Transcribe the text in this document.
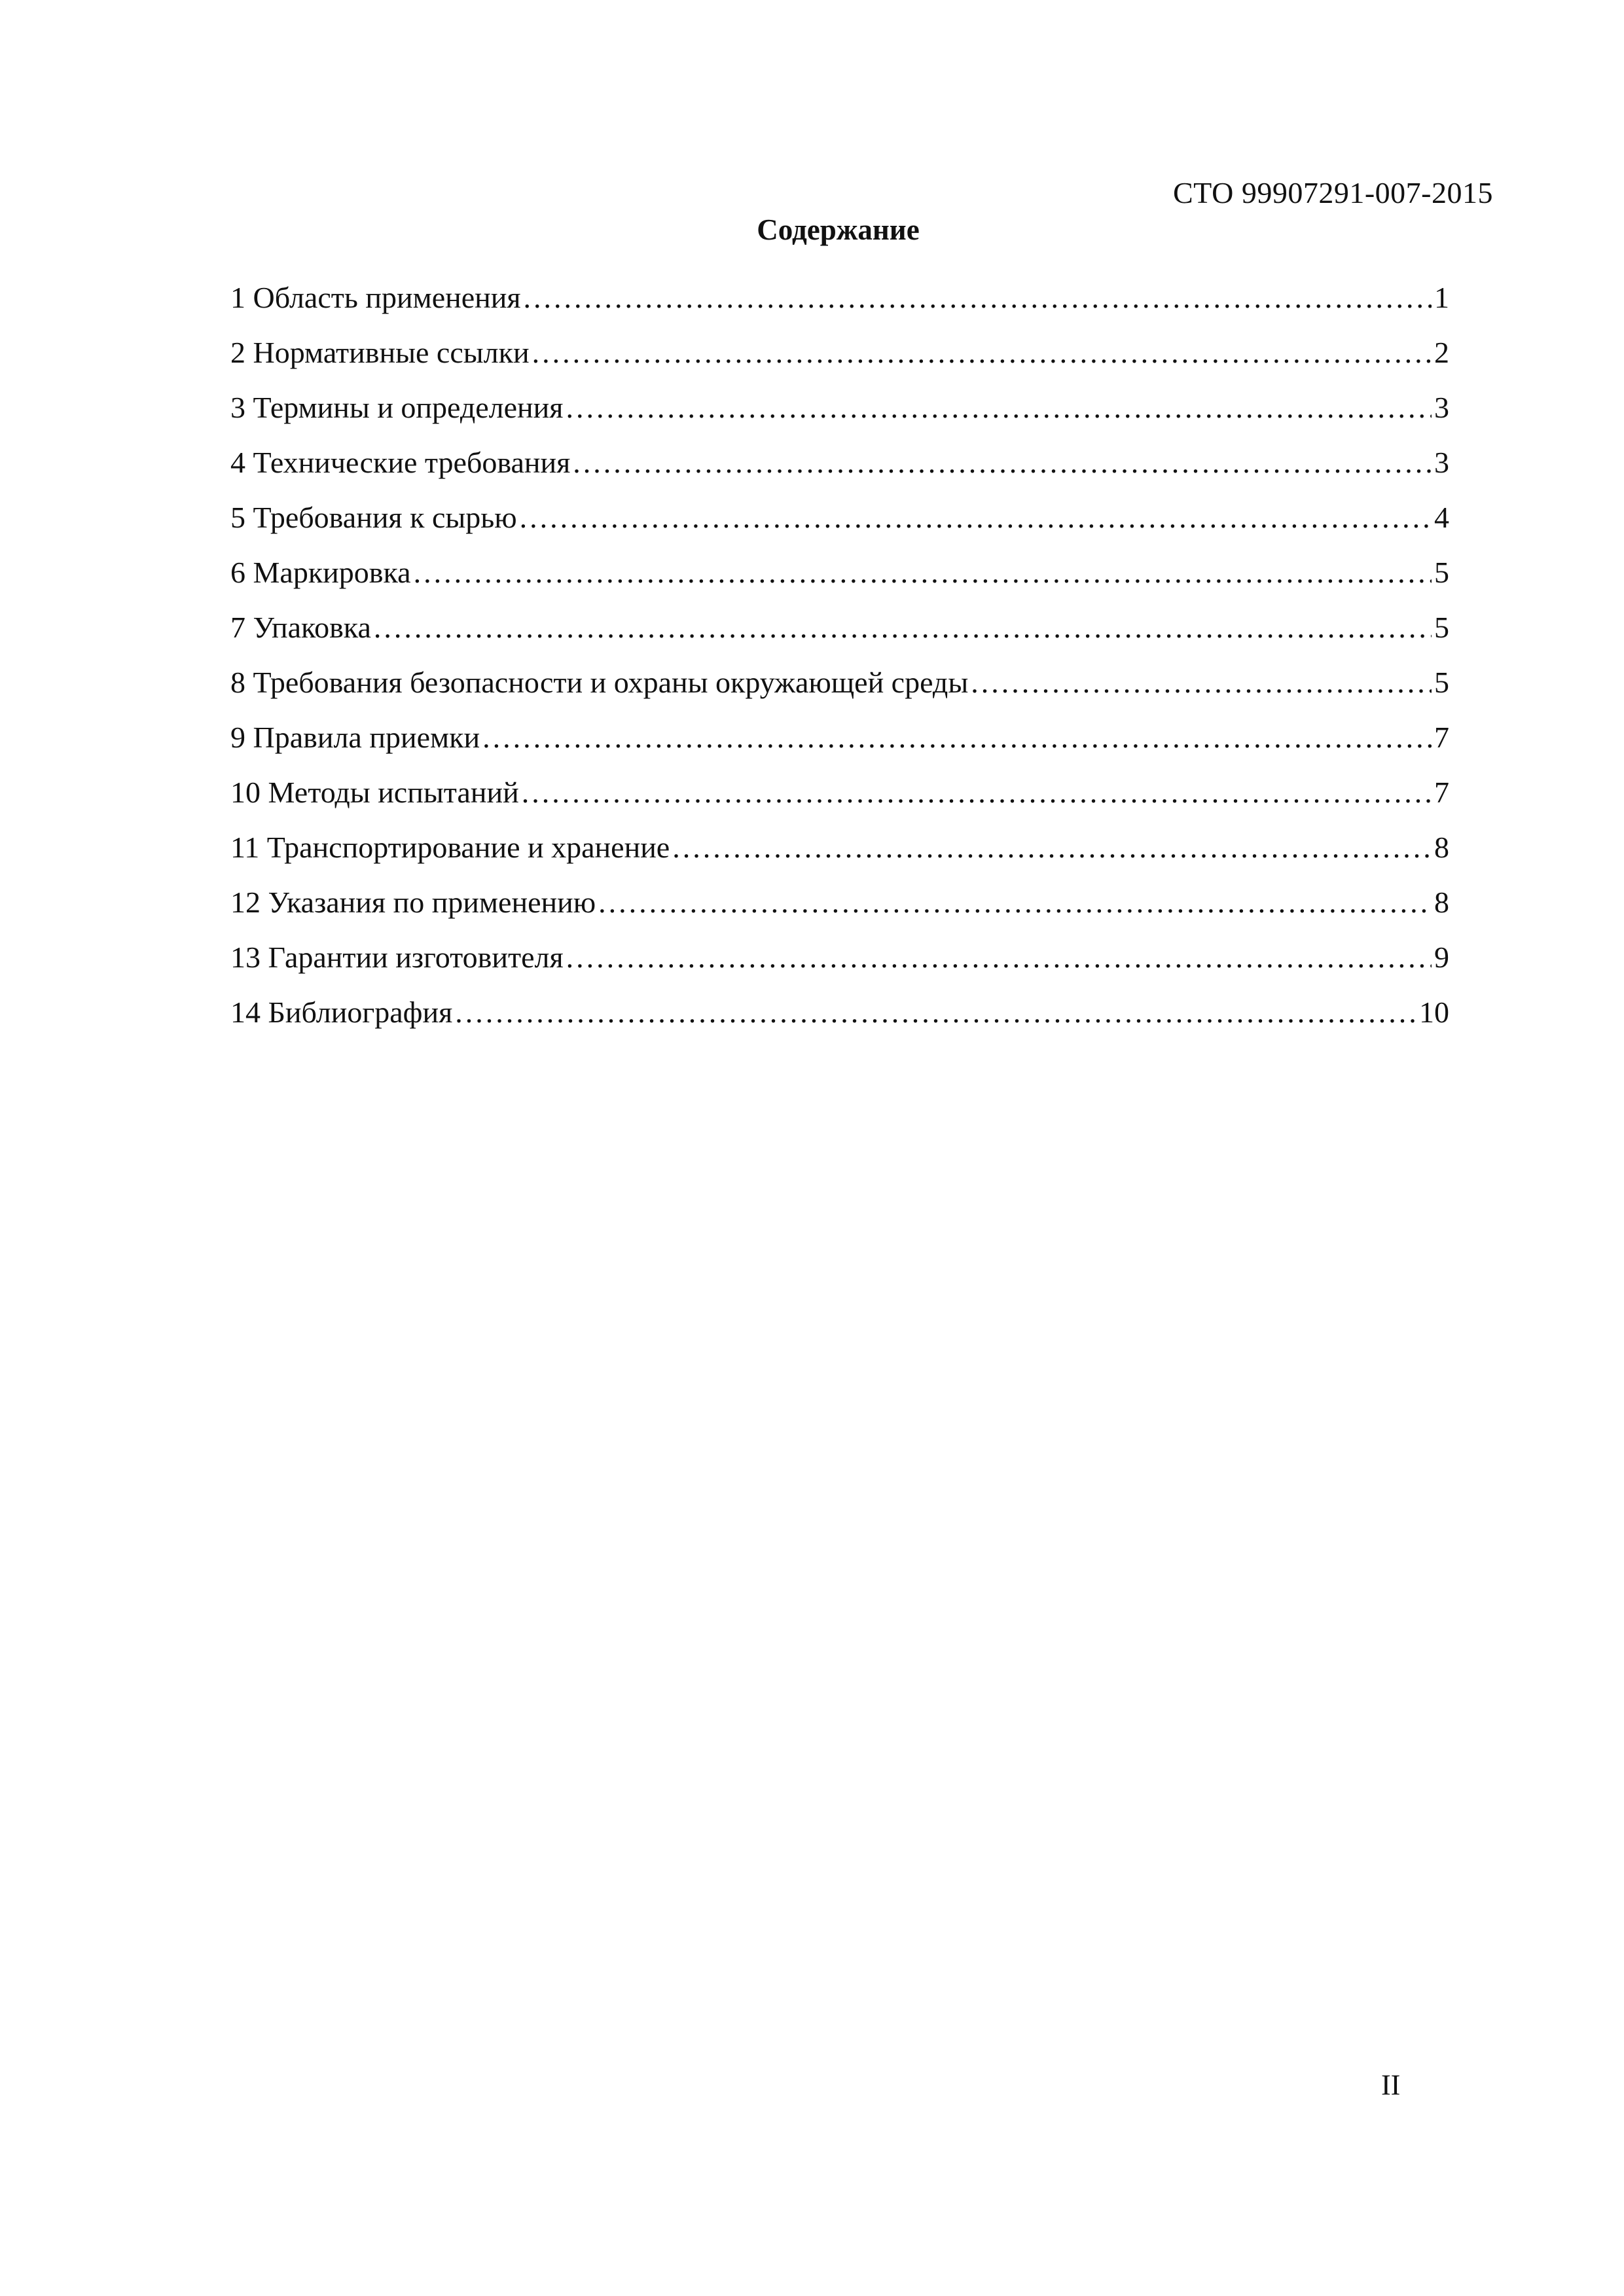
СТО 99907291-007-2015
Содержание
1 Область применения .....	1
2 Нормативные ссылки .....	2
3 Термины и определения .....	3
4 Технические требования .....	3
5 Требования к сырью .....	4
6 Маркировка .....	5
7 Упаковка .....	5
8 Требования безопасности и охраны окружающей среды .....	5
9 Правила приемки .....	7
10 Методы испытаний .....	7
11 Транспортирование и хранение .....	8
12 Указания по применению .....	8
13 Гарантии изготовителя .....	9
14 Библиография .....	10
II
